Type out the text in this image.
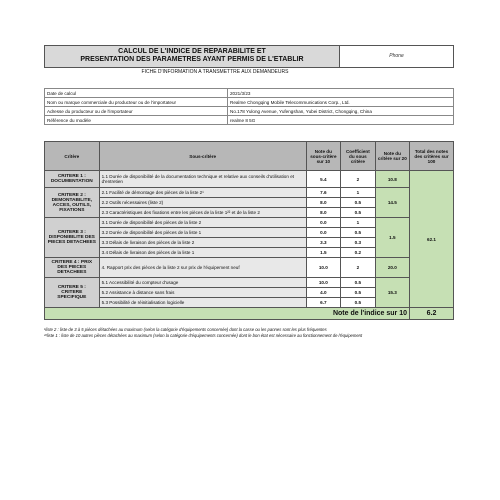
CALCUL DE L'INDICE DE REPARABILITE ET
PRESENTATION DES PARAMETRES AYANT PERMIS DE L'ETABLIR	Phone
FICHE D'INFORMATION A TRANSMETTRE AUX DEMANDEURS
Date de calcul	2021/3/23
Nom ou marque commerciale du producteur ou de l'importateur	Realme Chongqing Mobile Telecommunications Corp., Ltd.
Adresse du producteur ou de l'importateur	No.178 Yulong Avenue, Yufengshan, Yubei District, Chongqing, China
Référence du modèle	realme 8 5G
Critère	Sous-critère	Note du sous-critère sur 10	Coefficient du sous critère	Note du critère sur 20	Total des notes des critères sur 100
CRITERE 1 : DOCUMENTATION	1.1 Durée de disponibilité de la documentation technique et relative aux conseils d'utilisation et d'entretien	5.4	2	10.8	62.1
CRITERE 2 : DEMONTABILITE, ACCES, OUTILS, FIXATIONS	2.1 Facilité de démontage des pièces de la liste 2¹	7.6	1	14.5	
	2.2 Outils nécessaires (liste 2)	8.0	0.5		
	2.3 Caractéristiques des fixations entre les pièces de la liste 1²² et de la liste 2	8.0	0.5		
CRITERE 3 : DISPONIBILITE DES PIECES DETACHEES	3.1 Durée de disponibilité des pièces de la liste 2	0.0	1	1.5	
	3.2 Durée de disponibilité des pièces de la liste 1	0.0	0.5		
	3.3 Délais de livraison des pièces de la liste 2	3.3	0.3		
	3.4 Délais de livraison des pièces de la liste 1	1.5	0.2		
CRITERE 4 : PRIX DES PIECES DETACHEES	4. Rapport prix des pièces de la liste 2 sur prix de l'équipement neuf	10.0	2	20.0	
CRITERE 5 : CRITERE SPECIFIQUE	5.1 Accessibilité du compteur d'usage	10.0	0.5	15.3	
	5.2 Assistance à distance sans frais	4.0	0.5		
	5.3 Possibilité de réinitialisation logicielle	6.7	0.5		
Note de l'indice sur 10					6.2
¹liste 2 : liste de 3 à 5 pièces détachées au maximum (selon la catégorie d'équipements concernée) dont la casse ou les pannes sont les plus fréquentes
²²liste 1 : liste de 10 autres pièces détachées au maximum (selon la catégorie d'équipements concernée) dont le bon état est nécessaire au fonctionnement de l'équipement
